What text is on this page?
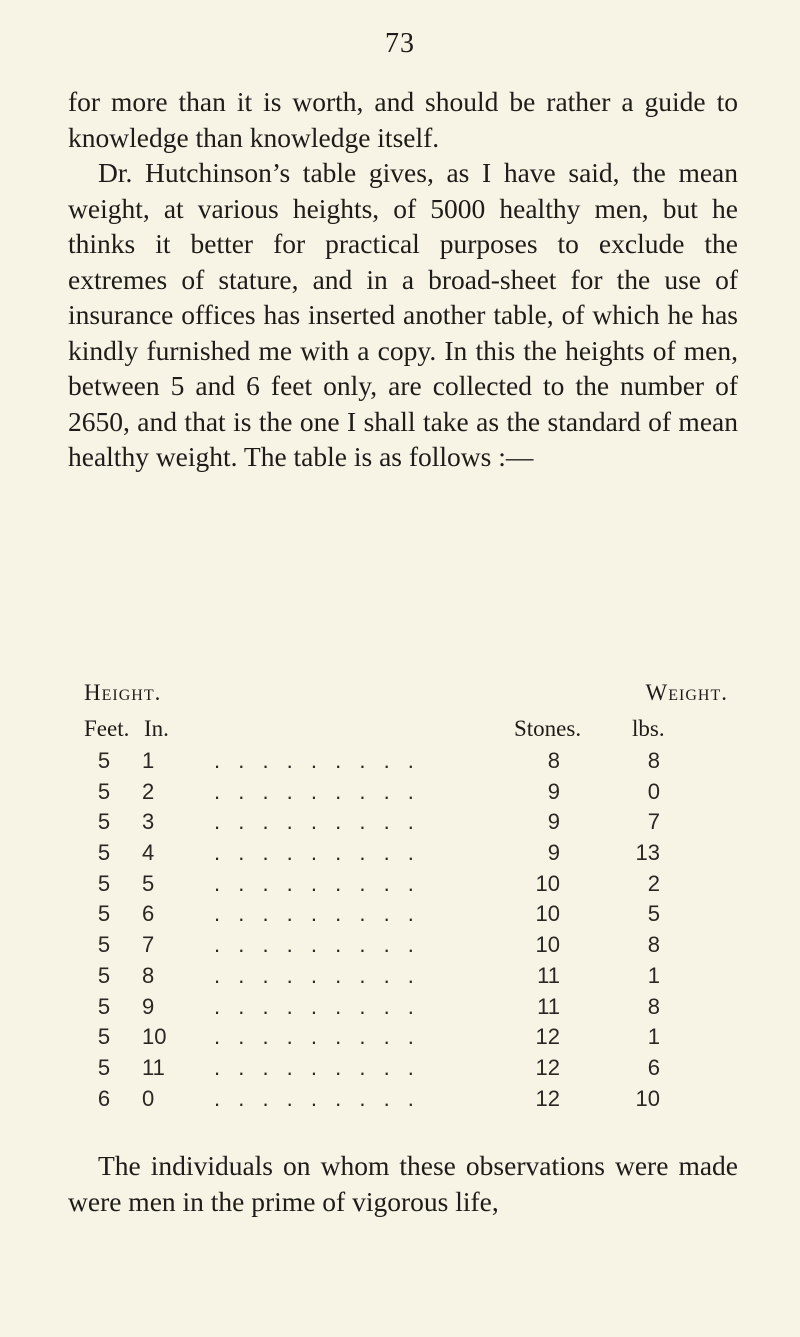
73

for more than it is worth, and should be rather a guide to knowledge than knowledge itself.

Dr. Hutchinson’s table gives, as I have said, the mean weight, at various heights, of 5000 healthy men, but he thinks it better for practical purposes to exclude the extremes of stature, and in a broad-sheet for the use of insurance offices has inserted another table, of which he has kindly furnished me with a copy. In this the heights of men, between 5 and 6 feet only, are collected to the number of 2650, and that is the one I shall take as the standard of mean healthy weight. The table is as follows :—

Height.	Weight.
Feet. In.	Stones. lbs.
5 1	. . . . . . . . .	8	8
5 2	. . . . . . . . .	9	0
5 3	. . . . . . . . .	9	7
5 4	. . . . . . . . .	9	13
5 5	. . . . . . . . .	10	2
5 6	. . . . . . . . .	10	5
5 7	. . . . . . . . .	10	8
5 8	. . . . . . . . .	11	1
5 9	. . . . . . . . .	11	8
5 10 . . . . . . . . .	12	1
5 11	. . . . . . . . .	12	6
6 0	. . . . . . . . .	12	10

The individuals on whom these observations were made were men in the prime of vigorous life,
